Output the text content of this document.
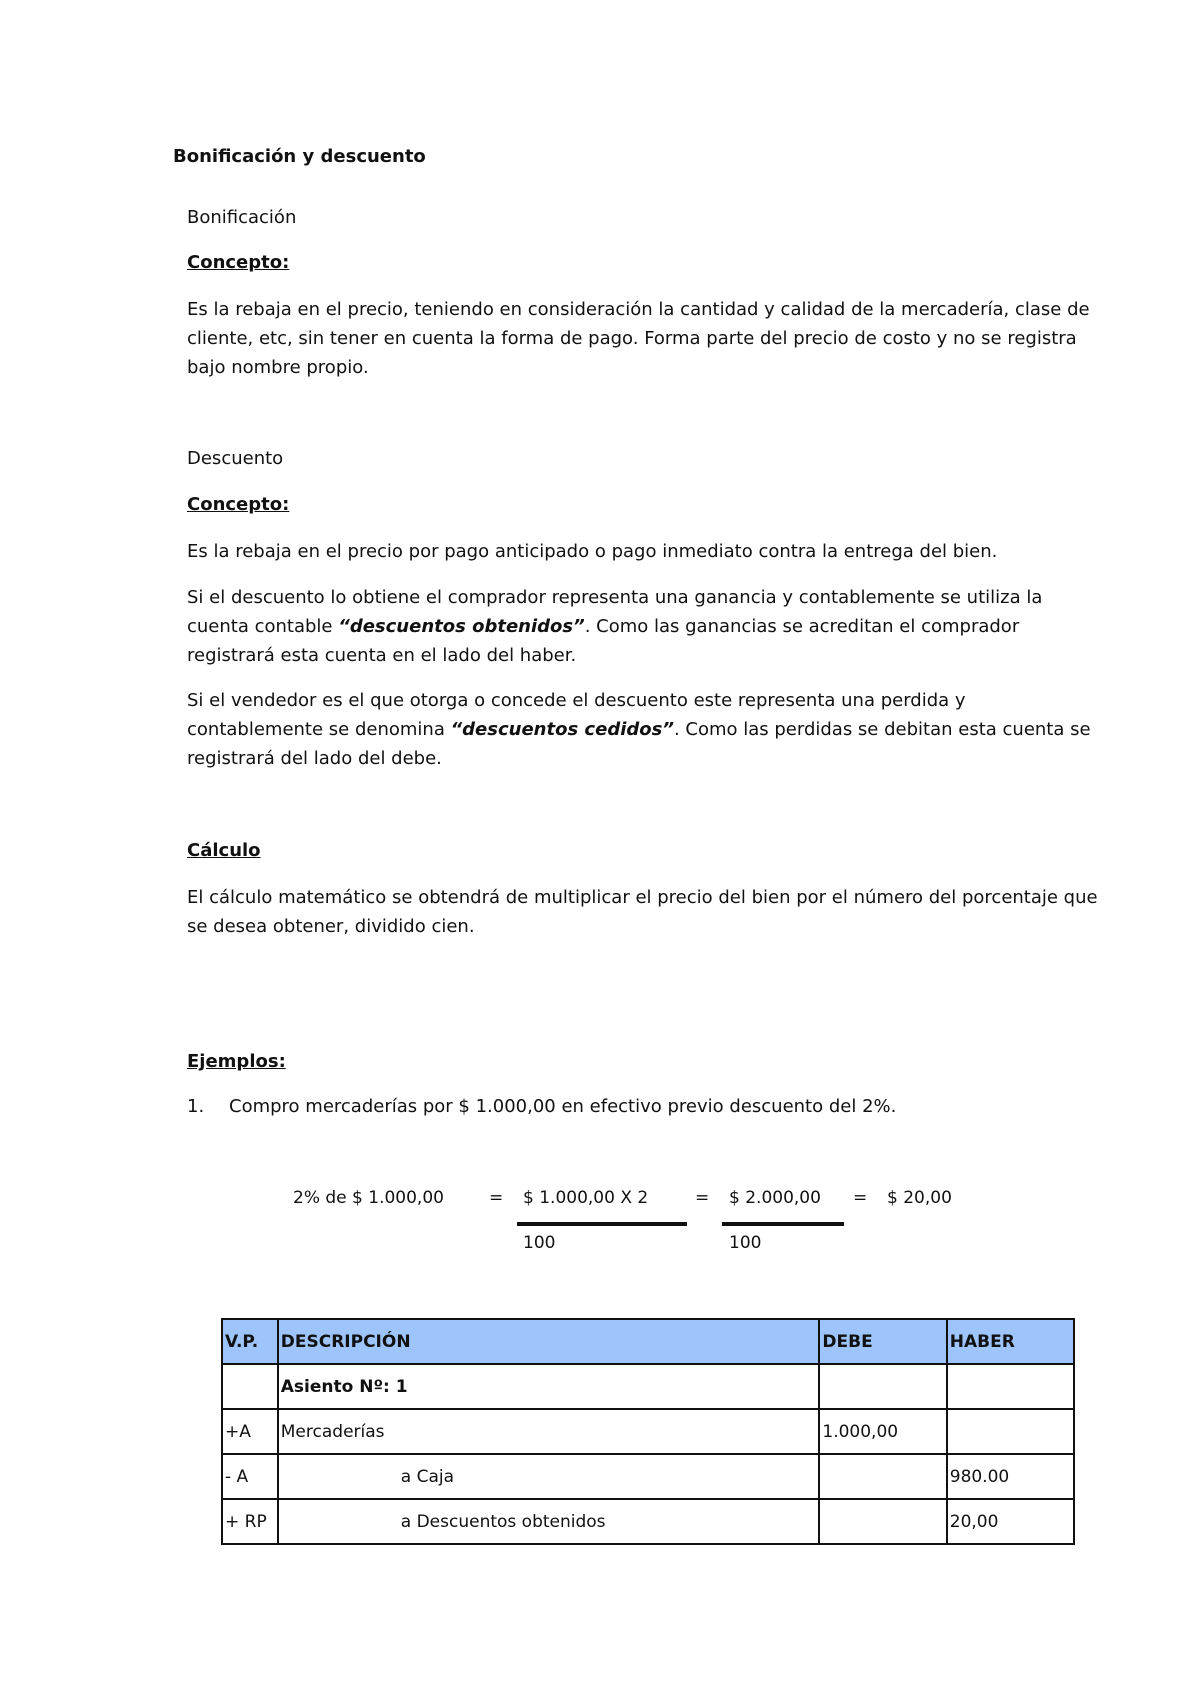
Bonificación y descuento
Bonificación
Concepto:
Es la rebaja en el precio, teniendo en consideración la cantidad y calidad de la mercadería, clase de cliente, etc, sin tener en cuenta la forma de pago. Forma parte del precio de costo y no se registra bajo nombre propio.
Descuento
Concepto:
Es la rebaja en el precio por pago anticipado o pago inmediato contra la entrega del bien.
Si el descuento lo obtiene el comprador representa una ganancia y contablemente se utiliza la cuenta contable “descuentos obtenidos”. Como las ganancias se acreditan el comprador registrará esta cuenta en el lado del haber.
Si el vendedor es el que otorga o concede el descuento este representa una perdida y contablemente se denomina “descuentos cedidos”. Como las perdidas se debitan esta cuenta se registrará del lado del debe.
Cálculo
El cálculo matemático se obtendrá de multiplicar el precio del bien por el número del porcentaje que se desea obtener, dividido cien.
Ejemplos:
1. Compro mercaderías por $ 1.000,00 en efectivo previo descuento del 2%.
2% de $ 1.000,00	= $ 1.000,00 X 2
100
= $ 2.000,00
100
= $ 20,00
V.P.	DESCRIPCIÓN	DEBE	HABER
	Asiento Nº: 1		
+A	Mercaderías	1.000,00	
- A	a Caja		980.00
+ RP	a Descuentos obtenidos		20,00
